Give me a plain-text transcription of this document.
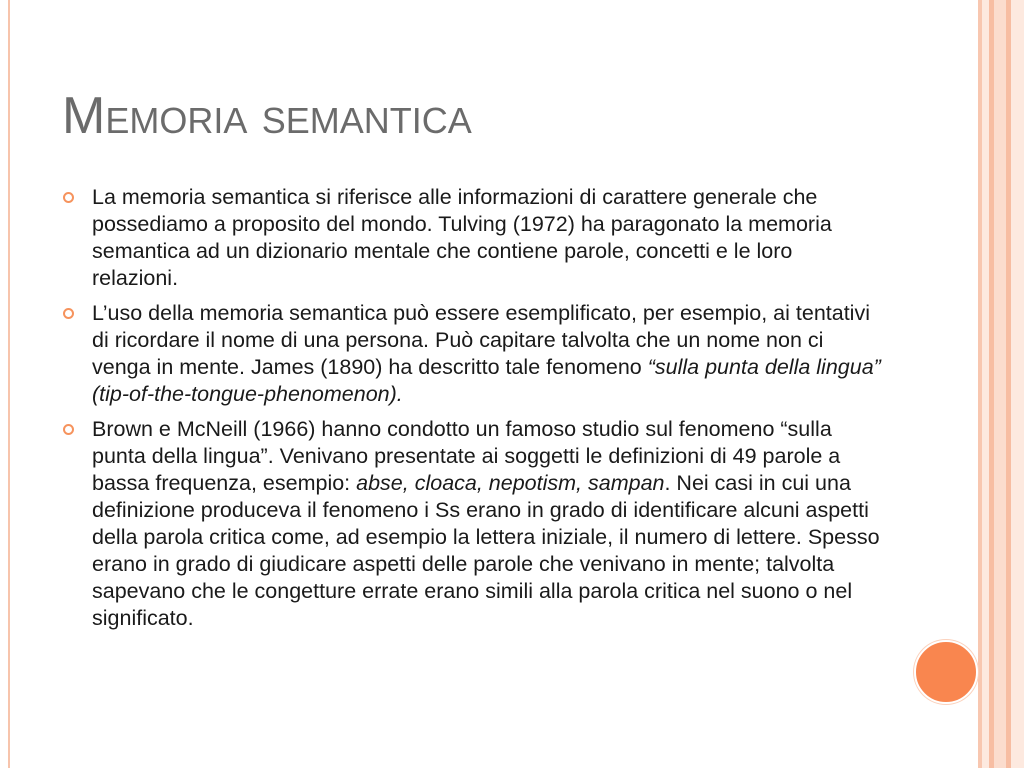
Memoria semantica
La memoria semantica si riferisce alle informazioni di carattere generale che possediamo a proposito del mondo. Tulving (1972) ha paragonato la memoria semantica ad un dizionario mentale che contiene parole, concetti e le loro relazioni.
L’uso della memoria semantica può essere esemplificato, per esempio, ai tentativi di ricordare il nome di una persona. Può capitare talvolta che un nome non ci venga in mente. James (1890) ha descritto tale fenomeno “sulla punta della lingua” (tip-of-the-tongue-phenomenon).
Brown e McNeill (1966) hanno condotto un famoso studio sul fenomeno “sulla punta della lingua”. Venivano presentate ai soggetti le definizioni di 49 parole a bassa frequenza, esempio: abse, cloaca, nepotism, sampan. Nei casi in cui una definizione produceva il fenomeno i Ss erano in grado di identificare alcuni aspetti della parola critica come, ad esempio la lettera iniziale, il numero di lettere. Spesso erano in grado di giudicare aspetti delle parole che venivano in mente; talvolta sapevano che le congetture errate erano simili alla parola critica nel suono o nel significato.
